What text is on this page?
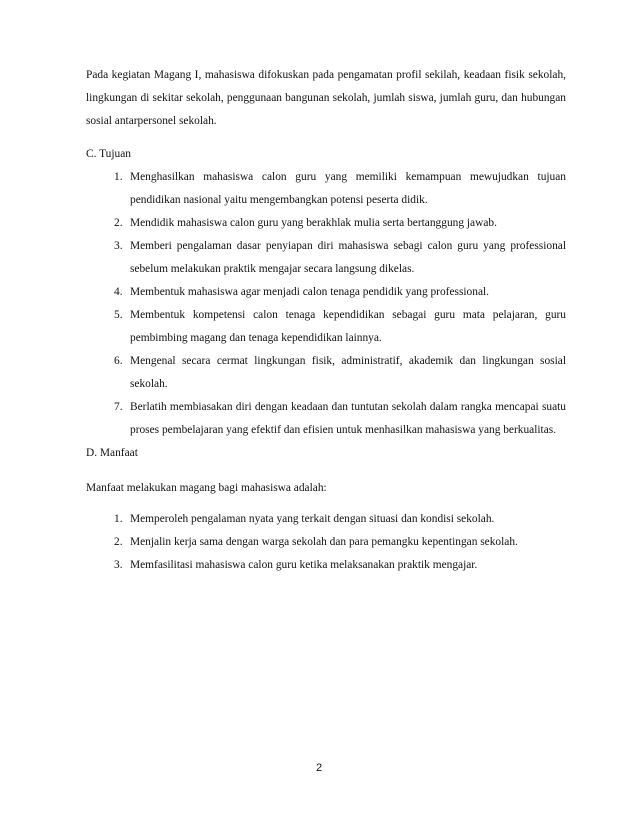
Pada kegiatan Magang I, mahasiswa difokuskan pada pengamatan profil sekilah, keadaan fisik sekolah, lingkungan di sekitar sekolah, penggunaan bangunan sekolah, jumlah siswa, jumlah guru, dan hubungan sosial antarpersonel sekolah.

C. Tujuan

1. Menghasilkan mahasiswa calon guru yang memiliki kemampuan mewujudkan tujuan pendidikan nasional yaitu mengembangkan potensi peserta didik.
2. Mendidik mahasiswa calon guru yang berakhlak mulia serta bertanggung jawab.
3. Memberi pengalaman dasar penyiapan diri mahasiswa sebagi calon guru yang professional sebelum melakukan praktik mengajar secara langsung dikelas.
4. Membentuk mahasiswa agar menjadi calon tenaga pendidik yang professional.
5. Membentuk kompetensi calon tenaga kependidikan sebagai guru mata pelajaran, guru pembimbing magang dan tenaga kependidikan lainnya.
6. Mengenal secara cermat lingkungan fisik, administratif, akademik dan lingkungan sosial sekolah.
7. Berlatih membiasakan diri dengan keadaan dan tuntutan sekolah dalam rangka mencapai suatu proses pembelajaran yang efektif dan efisien untuk menhasilkan mahasiswa yang berkualitas.

D. Manfaat

Manfaat melakukan magang bagi mahasiswa adalah:

1. Memperoleh pengalaman nyata yang terkait dengan situasi dan kondisi sekolah.
2. Menjalin kerja sama dengan warga sekolah dan para pemangku kepentingan sekolah.
3. Memfasilitasi mahasiswa calon guru ketika melaksanakan praktik mengajar.
2
